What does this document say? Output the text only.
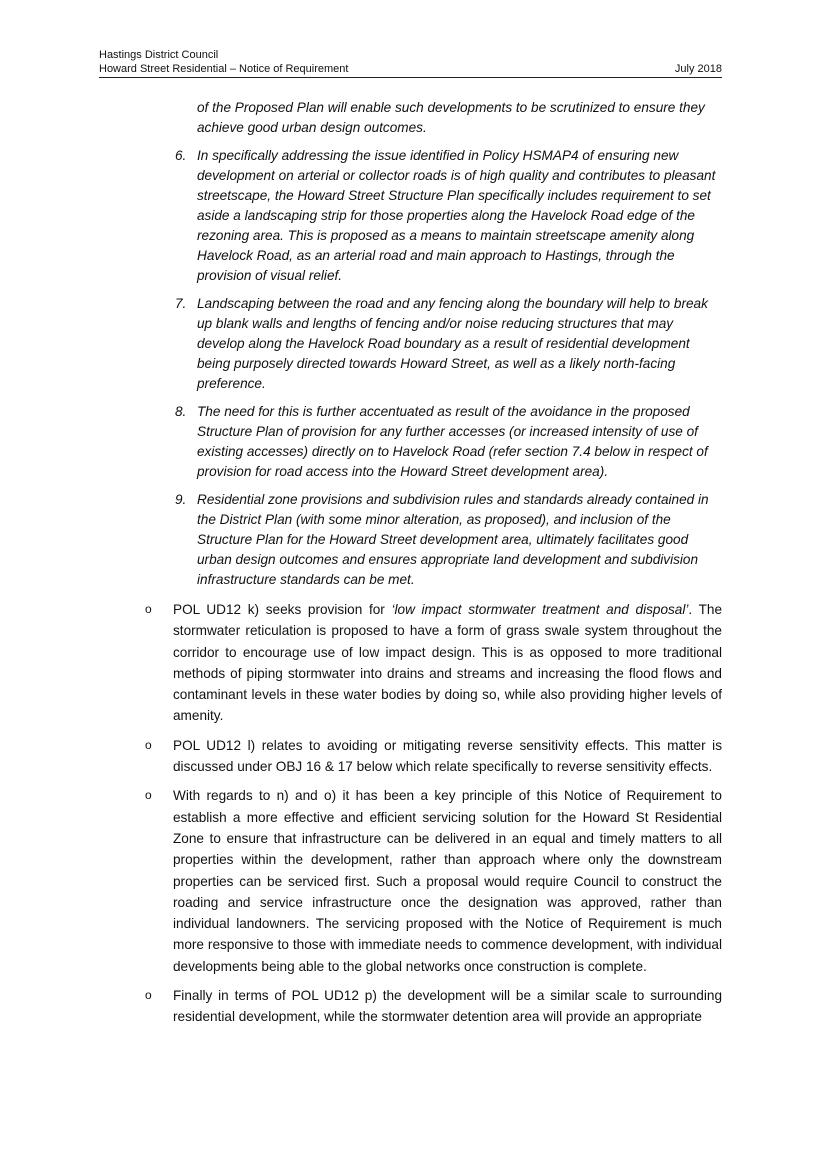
Hastings District Council
Howard Street Residential – Notice of Requirement	July 2018

of the Proposed Plan will enable such developments to be scrutinized to ensure they achieve good urban design outcomes.

6. In specifically addressing the issue identified in Policy HSMAP4 of ensuring new development on arterial or collector roads is of high quality and contributes to pleasant streetscape, the Howard Street Structure Plan specifically includes requirement to set aside a landscaping strip for those properties along the Havelock Road edge of the rezoning area. This is proposed as a means to maintain streetscape amenity along Havelock Road, as an arterial road and main approach to Hastings, through the provision of visual relief.
7. Landscaping between the road and any fencing along the boundary will help to break up blank walls and lengths of fencing and/or noise reducing structures that may develop along the Havelock Road boundary as a result of residential development being purposely directed towards Howard Street, as well as a likely north-facing preference.
8. The need for this is further accentuated as result of the avoidance in the proposed Structure Plan of provision for any further accesses (or increased intensity of use of existing accesses) directly on to Havelock Road (refer section 7.4 below in respect of provision for road access into the Howard Street development area).
9. Residential zone provisions and subdivision rules and standards already contained in the District Plan (with some minor alteration, as proposed), and inclusion of the Structure Plan for the Howard Street development area, ultimately facilitates good urban design outcomes and ensures appropriate land development and subdivision infrastructure standards can be met.
o POL UD12 k) seeks provision for ‘low impact stormwater treatment and disposal’. The stormwater reticulation is proposed to have a form of grass swale system throughout the corridor to encourage use of low impact design. This is as opposed to more traditional methods of piping stormwater into drains and streams and increasing the flood flows and contaminant levels in these water bodies by doing so, while also providing higher levels of amenity.
o POL UD12 l) relates to avoiding or mitigating reverse sensitivity effects. This matter is discussed under OBJ 16 & 17 below which relate specifically to reverse sensitivity effects.
o With regards to n) and o) it has been a key principle of this Notice of Requirement to establish a more effective and efficient servicing solution for the Howard St Residential Zone to ensure that infrastructure can be delivered in an equal and timely matters to all properties within the development, rather than approach where only the downstream properties can be serviced first. Such a proposal would require Council to construct the roading and service infrastructure once the designation was approved, rather than individual landowners. The servicing proposed with the Notice of Requirement is much more responsive to those with immediate needs to commence development, with individual developments being able to the global networks once construction is complete.
o Finally in terms of POL UD12 p) the development will be a similar scale to surrounding residential development, while the stormwater detention area will provide an appropriate
